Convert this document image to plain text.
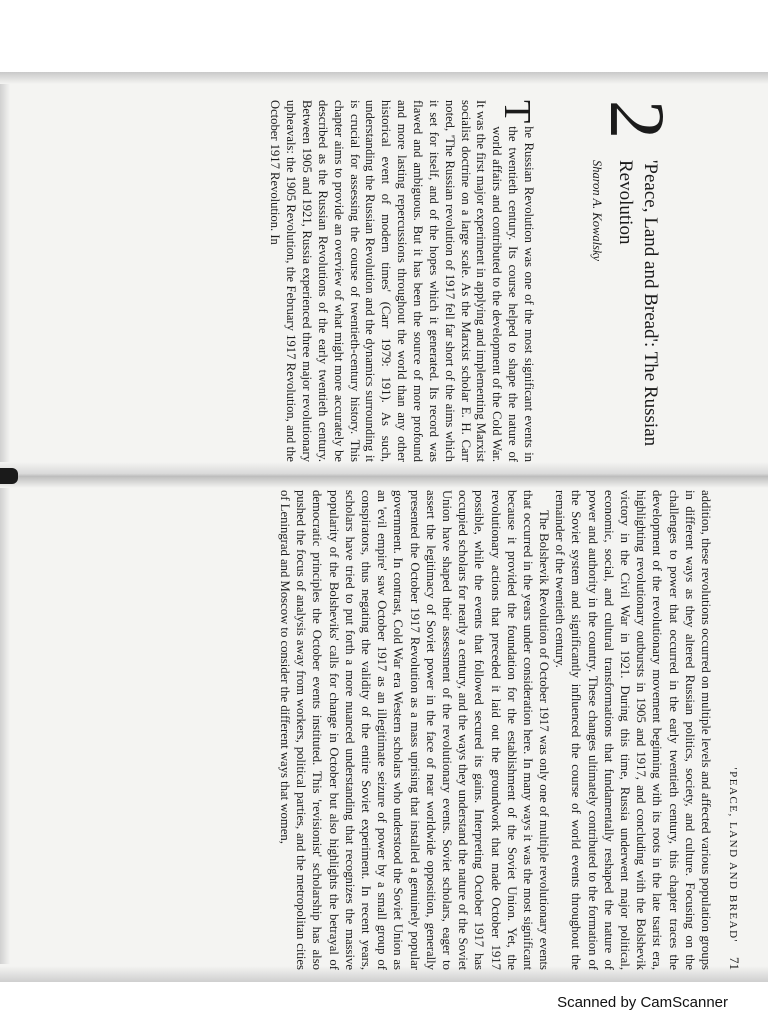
2
'Peace, Land and Bread': The Russian Revolution

Sharon A. Kowalsky

T
he Russian Revolution was one of the most significant events in the twentieth century. Its course helped to shape the nature of world affairs and contributed to the development of the Cold War. It was the first major experiment in applying and implementing Marxist socialist doctrine on a large scale. As the Marxist scholar E. H. Carr noted, 'The Russian revolution of 1917 fell far short of the aims which it set for itself, and of the hopes which it generated. Its record was flawed and ambiguous. But it has been the source of more profound and more lasting repercussions throughout the world than any other historical event of modern times' (Carr 1979: 191). As such, understanding the Russian Revolution and the dynamics surrounding it is crucial for assessing the course of twentieth-century history. This chapter aims to provide an overview of what might more accurately be described as the Russian Revolutions of the early twentieth century. Between 1905 and 1921, Russia experienced three major revolutionary upheavals: the 1905 Revolution, the February 1917 Revolution, and the October 1917 Revolution. In

'PEACE, LAND AND BREAD'
71

addition, these revolutions occurred on multiple levels and affected various population groups in different ways as they altered Russian politics, society, and culture. Focusing on the challenges to power that occurred in the early twentieth century, this chapter traces the development of the revolutionary movement beginning with its roots in the late tsarist era, highlighting revolutionary outbursts in 1905 and 1917, and concluding with the Bolshevik victory in the Civil War in 1921. During this time, Russia underwent major political, economic, social, and cultural transformations that fundamentally reshaped the nature of power and authority in the country. These changes ultimately contributed to the formation of the Soviet system and significantly influenced the course of world events throughout the remainder of the twentieth century.

The Bolshevik Revolution of October 1917 was only one of multiple revolutionary events that occurred in the years under consideration here. In many ways it was the most significant because it provided the foundation for the establishment of the Soviet Union. Yet, the revolutionary actions that preceded it laid out the groundwork that made October 1917 possible, while the events that followed secured its gains. Interpreting October 1917 has occupied scholars for nearly a century, and the ways they understand the nature of the Soviet Union have shaped their assessment of the revolutionary events. Soviet scholars, eager to assert the legitimacy of Soviet power in the face of near worldwide opposition, generally presented the October 1917 Revolution as a mass uprising that installed a genuinely popular government. In contrast, Cold War era Western scholars who understood the Soviet Union as an 'evil empire' saw October 1917 as an illegitimate seizure of power by a small group of conspirators, thus negating the validity of the entire Soviet experiment. In recent years, scholars have tried to put forth a more nuanced understanding that recognizes the massive popularity of the Bolsheviks' calls for change in October but also highlights the betrayal of democratic principles the October events instituted. This 'revisionist' scholarship has also pushed the focus of analysis away from workers, political parties, and the metropolitan cities of Leningrad and Moscow to consider the different ways that women,

Scanned by CamScanner
